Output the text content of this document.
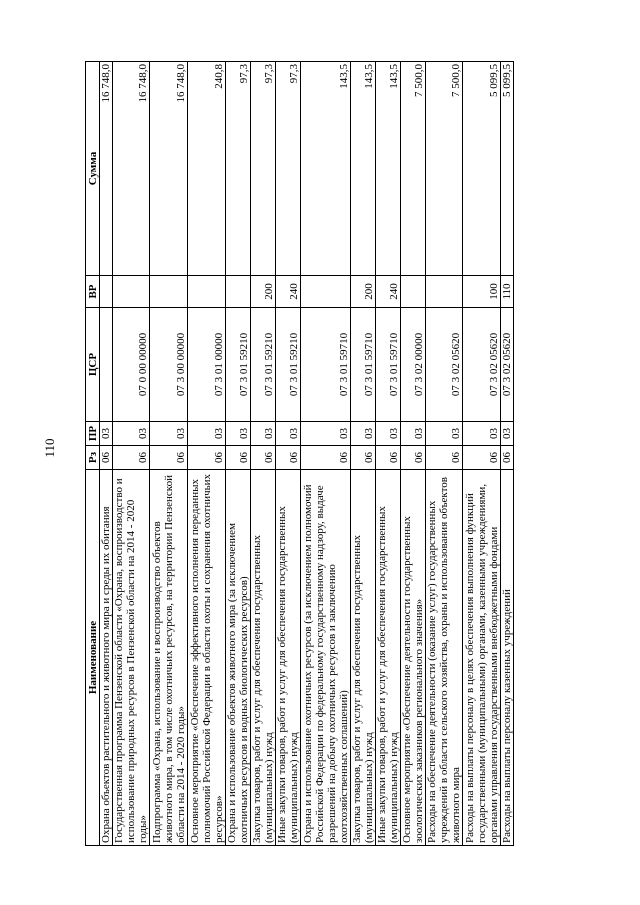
110
Наименование	Рз	ПР	ЦСР	ВР	Сумма
Охрана объектов растительного и животного мира и среды их обитания	06	03			16 748,0
Государственная программа Пензенской области «Охрана, воспроизводство и использование природных ресурсов в Пензенской области на 2014 - 2020 годы»	06	03	07 0 00 00000		16 748,0
Подпрограмма «Охрана, использование и воспроизводство объектов животного мира, в том числе охотничьих ресурсов, на территории Пензенской области на 2014 - 2020 годы»	06	03	07 3 00 00000		16 748,0
Основное мероприятие «Обеспечение эффективного исполнения переданных полномочий Российской Федерации в области охоты и сохранения охотничьих ресурсов»	06	03	07 3 01 00000		240,8
Охрана и использование объектов животного мира (за исключением охотничьих ресурсов и водных биологических ресурсов)	06	03	07 3 01 59210		97,3
Закупка товаров, работ и услуг для обеспечения государственных (муниципальных) нужд	06	03	07 3 01 59210	200	97,3
Иные закупки товаров, работ и услуг для обеспечения государственных (муниципальных) нужд	06	03	07 3 01 59210	240	97,3
Охрана и использование охотничьих ресурсов (за исключением полномочий Российской Федерации по федеральному государственному надзору, выдаче разрешений на добычу охотничьих ресурсов и заключению охотхозяйственных соглашений)	06	03	07 3 01 59710		143,5
Закупка товаров, работ и услуг для обеспечения государственных (муниципальных) нужд	06	03	07 3 01 59710	200	143,5
Иные закупки товаров, работ и услуг для обеспечения государственных (муниципальных) нужд	06	03	07 3 01 59710	240	143,5
Основное мероприятие «Обеспечение деятельности государственных зоологических заказников регионального значения»	06	03	07 3 02 00000		7 500,0
Расходы на обеспечение деятельности (оказание услуг) государственных учреждений в области сельского хозяйства, охраны и использования объектов животного мира	06	03	07 3 02 05620		7 500,0
Расходы на выплаты персоналу в целях обеспечения выполнения функций государственными (муниципальными) органами, казенными учреждениями, органами управления государственными внебюджетными фондами	06	03	07 3 02 05620	100	5 099,5
Расходы на выплаты персоналу казенных учреждений	06	03	07 3 02 05620	110	5 099,5
